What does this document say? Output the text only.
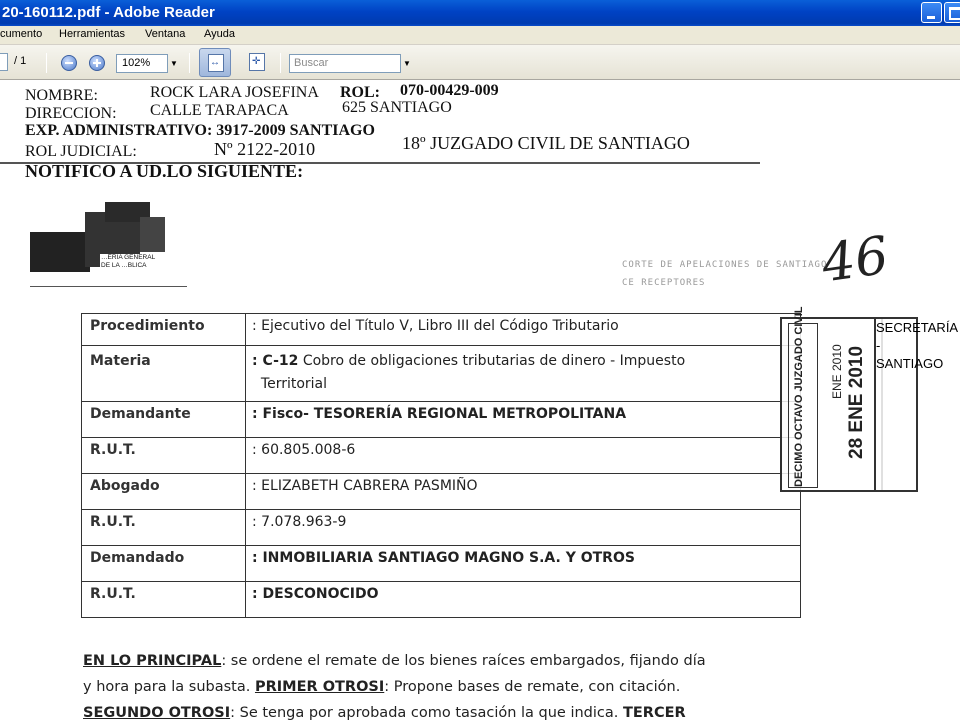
20-160112.pdf - Adobe Reader
cumento Herramientas Ventana Ayuda
/ 1	102%	▼ ↔ ✛	Buscar	▼
NOMBRE:	ROCK LARA JOSEFINA ROL: 070-00429-009
DIRECCION: CALLE TARAPACA	625 SANTIAGO
EXP. ADMINISTRATIVO: 3917-2009 SANTIAGO
ROL JUDICIAL:	Nº 2122-2010	18º JUZGADO CIVIL DE SANTIAGO
NOTIFICO A UD.LO SIGUIENTE:
…ERIA GENERAL
DE LA …BLICA	46
CORTE DE APELACIONES DE SANTIAGO
CE RECEPTORES
Procedimiento	: Ejecutivo del Título V, Libro III del Código Tributario
Materia	: C-12 Cobro de obligaciones tributarias de dinero - Impuesto
Territorial
Demandante	: Fisco- TESORERÍA REGIONAL METROPOLITANA
R.U.T.	: 60.805.008-6
Abogado	: ELIZABETH CABRERA PASMIÑO
R.U.T.	: 7.078.963-9
Demandado	: INMOBILIARIA SANTIAGO MAGNO S.A. Y OTROS
R.U.T.	: DESCONOCIDO
DECIMO OCTAVO JUZGADO CIVIL ENE 2010 28 ENE 2010
SECRETARÍA - SANTIAGO
EN LO PRINCIPAL: se ordene el remate de los bienes raíces embargados, fijando día
y hora para la subasta. PRIMER OTROSI: Propone bases de remate, con citación.
SEGUNDO OTROSI: Se tenga por aprobada como tasación la que indica. TERCER
